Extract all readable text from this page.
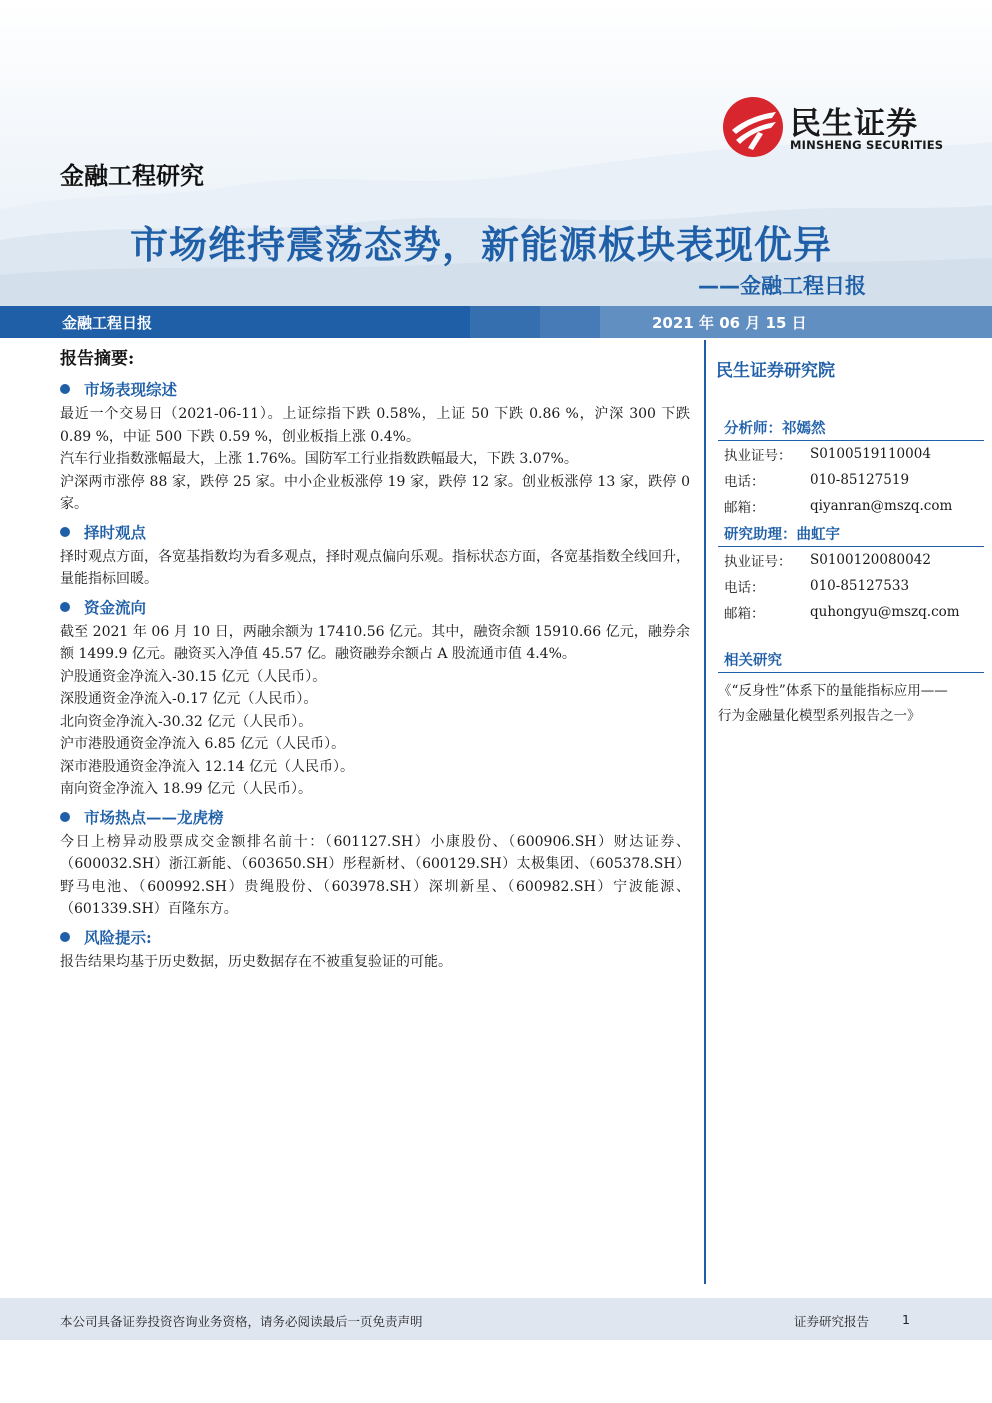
民生证券
MINSHENG SECURITIES
金融工程研究
市场维持震荡态势，新能源板块表现优异
——金融工程日报
金融工程日报	2021 年 06 月 15 日
报告摘要:
市场表现综述

最近一个交易日（2021-06-11）。上证综指下跌 0.58%，上证 50 下跌 0.86 %，沪深 300 下跌 0.89 %，中证 500 下跌 0.59 %，创业板指上涨 0.4%。

汽车行业指数涨幅最大，上涨 1.76%。国防军工行业指数跌幅最大，下跌 3.07%。

沪深两市涨停 88 家，跌停 25 家。中小企业板涨停 19 家，跌停 12 家。创业板涨停 13 家，跌停 0 家。

择时观点

择时观点方面，各宽基指数均为看多观点，择时观点偏向乐观。指标状态方面，各宽基指数全线回升，量能指标回暖。

资金流向

截至 2021 年 06 月 10 日，两融余额为 17410.56 亿元。其中，融资余额 15910.66 亿元，融券余额 1499.9 亿元。融资买入净值 45.57 亿。融资融券余额占 A 股流通市值 4.4%。

沪股通资金净流入-30.15 亿元（人民币）。
深股通资金净流入-0.17 亿元（人民币）。
北向资金净流入-30.32 亿元（人民币）。
沪市港股通资金净流入 6.85 亿元（人民币）。
深市港股通资金净流入 12.14 亿元（人民币）。
南向资金净流入 18.99 亿元（人民币）。
市场热点——龙虎榜

今日上榜异动股票成交金额排名前十：（601127.SH）小康股份、（600906.SH）财达证券、（600032.SH）浙江新能、（603650.SH）彤程新材、（600129.SH）太极集团、（605378.SH）野马电池、（600992.SH）贵绳股份、（603978.SH）深圳新星、（600982.SH）宁波能源、（601339.SH）百隆东方。

风险提示:

报告结果均基于历史数据，历史数据存在不被重复验证的可能。

民生证券研究院
分析师：祁嫣然
执业证号：	S0100519110004
电话：	010-85127519
邮箱：	qiyanran@mszq.com
研究助理：曲虹宇
执业证号：	S0100120080042
电话：	010-85127533
邮箱：	quhongyu@mszq.com
相关研究
《“反身性”体系下的量能指标应用——
行为金融量化模型系列报告之一》
本公司具备证券投资咨询业务资格，请务必阅读最后一页免责声明	证券研究报告	1
